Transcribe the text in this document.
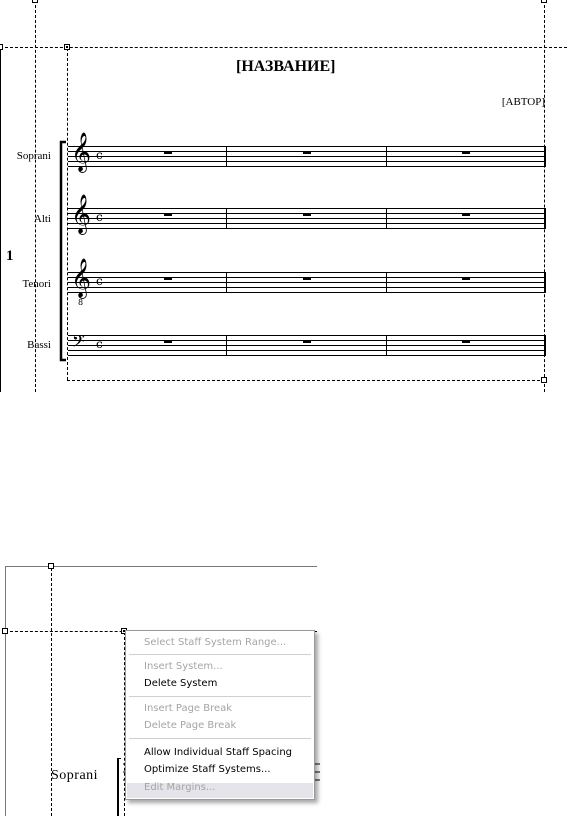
[НАЗВАНИЕ]
[АВТОР]
1
Soprani
Alti
Tenori
Bassi
𝄞 c
𝄞 c
𝄞
8
c
𝄢 c
Soprani
Select Staff System Range...
Insert System...
Delete System
Insert Page Break
Delete Page Break
Allow Individual Staff Spacing
Optimize Staff Systems...
Edit Margins...
